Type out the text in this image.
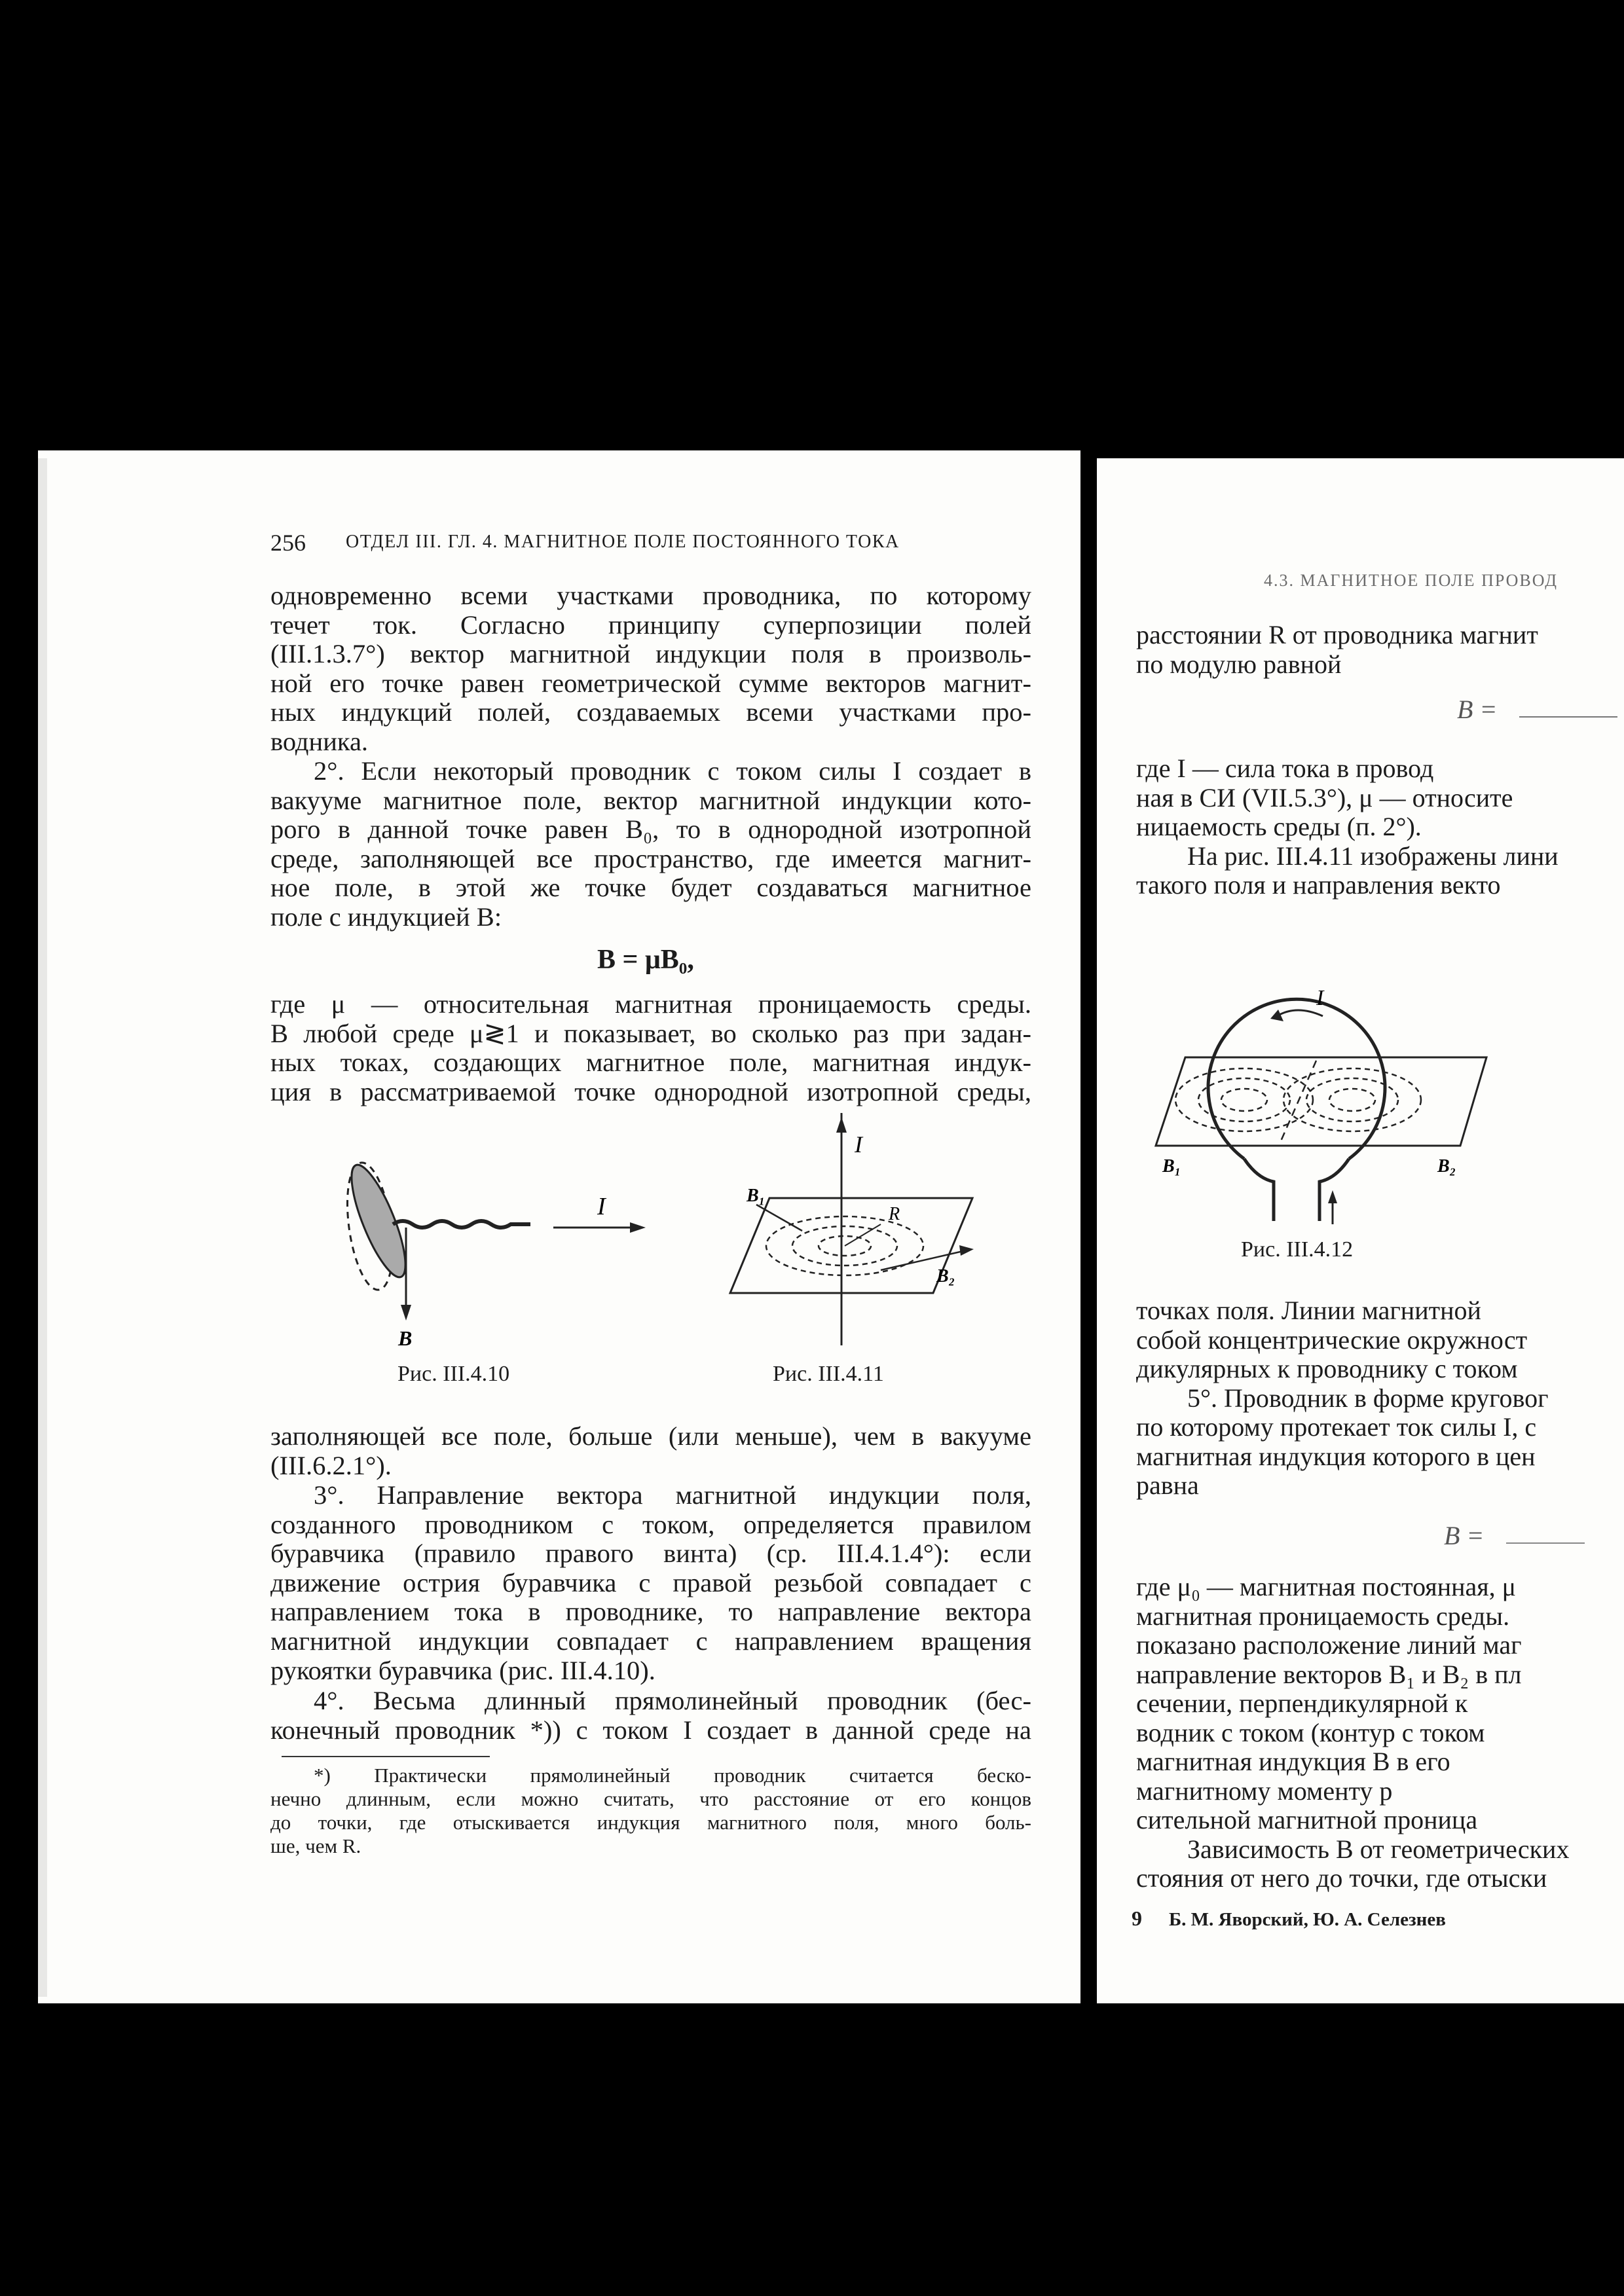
256 ОТДЕЛ III. ГЛ. 4. МАГНИТНОЕ ПОЛЕ ПОСТОЯННОГО ТОКА
одновременно всеми участками проводника, по которому
течет ток. Согласно принципу суперпозиции полей
(III.1.3.7°) вектор магнитной индукции поля в произволь-
ной его точке равен геометрической сумме векторов магнит-
ных индукций полей, создаваемых всеми участками про-
водника.
2°. Если некоторый проводник с током силы I создает в
вакууме магнитное поле, вектор магнитной индукции кото-
рого в данной точке равен B₀, то в однородной изотропной
среде, заполняющей все пространство, где имеется магнит-
ное поле, в этой же точке будет создаваться магнитное
поле с индукцией B:
B = μB₀,
где μ — относительная магнитная проницаемость среды.
В любой среде μ≷1 и показывает, во сколько раз при задан-
ных токах, создающих магнитное поле, магнитная индук-
ция в рассматриваемой точке однородной изотропной среды,
I
B
I
B₁
B₂
R
Рис. III.4.10	Рис. III.4.11
заполняющей все поле, больше (или меньше), чем в вакууме
(III.6.2.1°).
3°. Направление вектора магнитной индукции поля,
созданного проводником с током, определяется правилом
буравчика (правило правого винта) (ср. III.4.1.4°): если
движение острия буравчика с правой резьбой совпадает с
направлением тока в проводнике, то направление вектора
магнитной индукции совпадает с направлением вращения
рукоятки буравчика (рис. III.4.10).
4°. Весьма длинный прямолинейный проводник (бес-
конечный проводник *)) с током I создает в данной среде на
*) Практически прямолинейный проводник считается беско-
нечно длинным, если можно считать, что расстояние от его концов
до точки, где отыскивается индукция магнитного поля, много боль-
ше, чем R.
4.3. МАГНИТНОЕ ПОЛЕ ПРОВОД
расстоянии R от проводника магнит
по модулю равной
B =
где I — сила тока в провод
ная в СИ (VII.5.3°), μ — относите
ницаемость среды (п. 2°).
На рис. III.4.11 изображены лини
такого поля и направления векто
I
B₁	B₂
Рис. III.4.12
точках поля. Линии магнитной
собой концентрические окружност
дикулярных к проводнику с током
5°. Проводник в форме круговог
по которому протекает ток силы I, с
магнитная индукция которого в цен
равна
B =
где μ₀ — магнитная постоянная, μ
магнитная проницаемость среды.
показано расположение линий маг
направление векторов B₁ и B₂ в пл
сечении, перпендикулярной к
водник с током (контур с током
магнитная индукция B в его
магнитному моменту p
сительной магнитной проница
Зависимость B от геометрических
стояния от него до точки, где отыски
9 Б. М. Яворский, Ю. А. Селезнев
